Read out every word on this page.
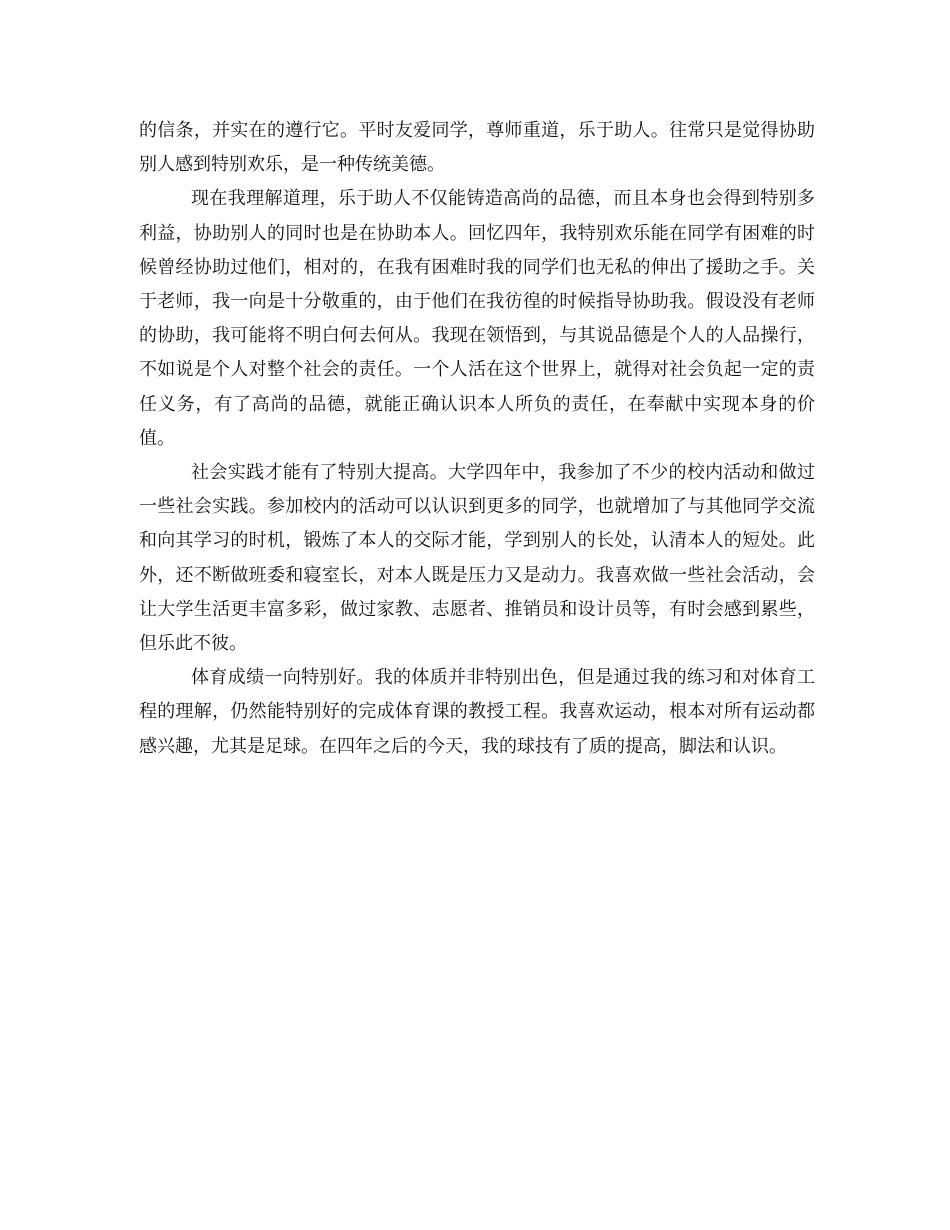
的信条，并实在的遵行它。平时友爱同学，尊师重道，乐于助人。往常只是觉得协助别人感到特别欢乐，是一种传统美德。

现在我理解道理，乐于助人不仅能铸造高尚的品德，而且本身也会得到特别多利益，协助别人的同时也是在协助本人。回忆四年，我特别欢乐能在同学有困难的时候曾经协助过他们，相对的，在我有困难时我的同学们也无私的伸出了援助之手。关于老师，我一向是十分敬重的，由于他们在我彷徨的时候指导协助我。假设没有老师的协助，我可能将不明白何去何从。我现在领悟到，与其说品德是个人的人品操行，不如说是个人对整个社会的责任。一个人活在这个世界上，就得对社会负起一定的责任义务，有了高尚的品德，就能正确认识本人所负的责任，在奉献中实现本身的价值。

社会实践才能有了特别大提高。大学四年中，我参加了不少的校内活动和做过一些社会实践。参加校内的活动可以认识到更多的同学，也就增加了与其他同学交流和向其学习的时机，锻炼了本人的交际才能，学到别人的长处，认清本人的短处。此外，还不断做班委和寝室长，对本人既是压力又是动力。我喜欢做一些社会活动，会让大学生活更丰富多彩，做过家教、志愿者、推销员和设计员等，有时会感到累些，但乐此不彼。

体育成绩一向特别好。我的体质并非特别出色，但是通过我的练习和对体育工程的理解，仍然能特别好的完成体育课的教授工程。我喜欢运动，根本对所有运动都感兴趣，尤其是足球。在四年之后的今天，我的球技有了质的提高，脚法和认识。
